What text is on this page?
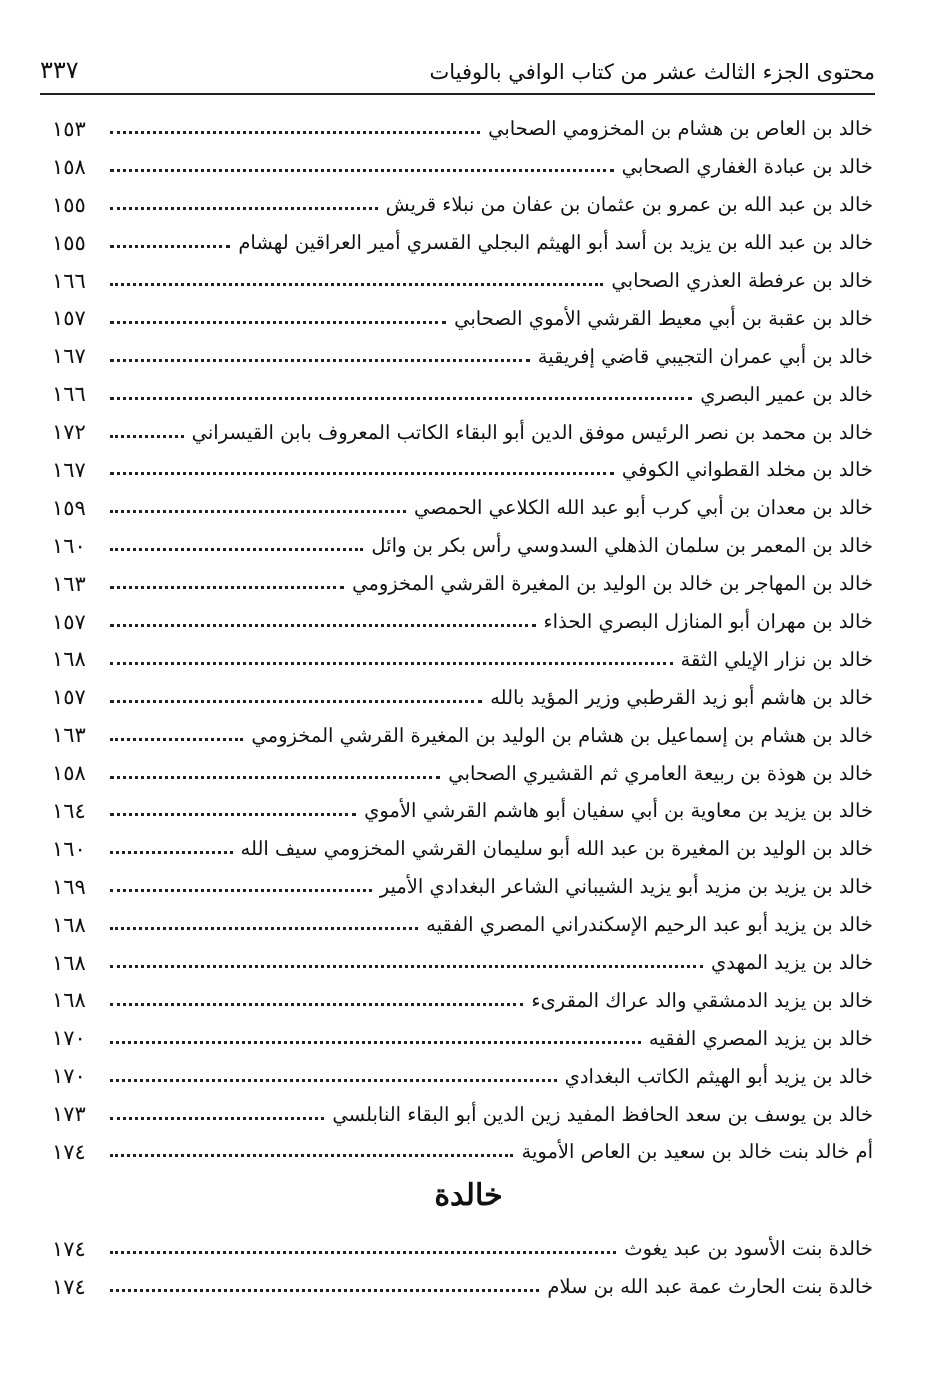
محتوى الجزء الثالث عشر من كتاب الوافي بالوفيات
٣٣٧
خالد بن العاص بن هشام بن المخزومي الصحابي
١٥٣
خالد بن عبادة الغفاري الصحابي
١٥٨
خالد بن عبد الله بن عمرو بن عثمان بن عفان من نبلاء قريش
١٥٥
خالد بن عبد الله بن يزيد بن أسد أبو الهيثم البجلي القسري أمير العراقين لهشام
١٥٥
خالد بن عرفطة العذري الصحابي
١٦٦
خالد بن عقبة بن أبي معيط القرشي الأموي الصحابي
١٥٧
خالد بن أبي عمران التجيبي قاضي إفريقية
١٦٧
خالد بن عمير البصري
١٦٦
خالد بن محمد بن نصر الرئيس موفق الدين أبو البقاء الكاتب المعروف بابن القيسراني
١٧٢
خالد بن مخلد القطواني الكوفي
١٦٧
خالد بن معدان بن أبي كرب أبو عبد الله الكلاعي الحمصي
١٥٩
خالد بن المعمر بن سلمان الذهلي السدوسي رأس بكر بن وائل
١٦٠
خالد بن المهاجر بن خالد بن الوليد بن المغيرة القرشي المخزومي
١٦٣
خالد بن مهران أبو المنازل البصري الحذاء
١٥٧
خالد بن نزار الإيلي الثقة
١٦٨
خالد بن هاشم أبو زيد القرطبي وزير المؤيد بالله
١٥٧
خالد بن هشام بن إسماعيل بن هشام بن الوليد بن المغيرة القرشي المخزومي
١٦٣
خالد بن هوذة بن ربيعة العامري ثم القشيري الصحابي
١٥٨
خالد بن يزيد بن معاوية بن أبي سفيان أبو هاشم القرشي الأموي
١٦٤
خالد بن الوليد بن المغيرة بن عبد الله أبو سليمان القرشي المخزومي سيف الله
١٦٠
خالد بن يزيد بن مزيد أبو يزيد الشيباني الشاعر البغدادي الأمير
١٦٩
خالد بن يزيد أبو عبد الرحيم الإسكندراني المصري الفقيه
١٦٨
خالد بن يزيد المهدي
١٦٨
خالد بن يزيد الدمشقي والد عراك المقرىء
١٦٨
خالد بن يزيد المصري الفقيه
١٧٠
خالد بن يزيد أبو الهيثم الكاتب البغدادي
١٧٠
خالد بن يوسف بن سعد الحافظ المفيد زين الدين أبو البقاء النابلسي
١٧٣
أم خالد بنت خالد بن سعيد بن العاص الأموية
١٧٤
خالدة
خالدة بنت الأسود بن عبد يغوث
١٧٤
خالدة بنت الحارث عمة عبد الله بن سلام
١٧٤
